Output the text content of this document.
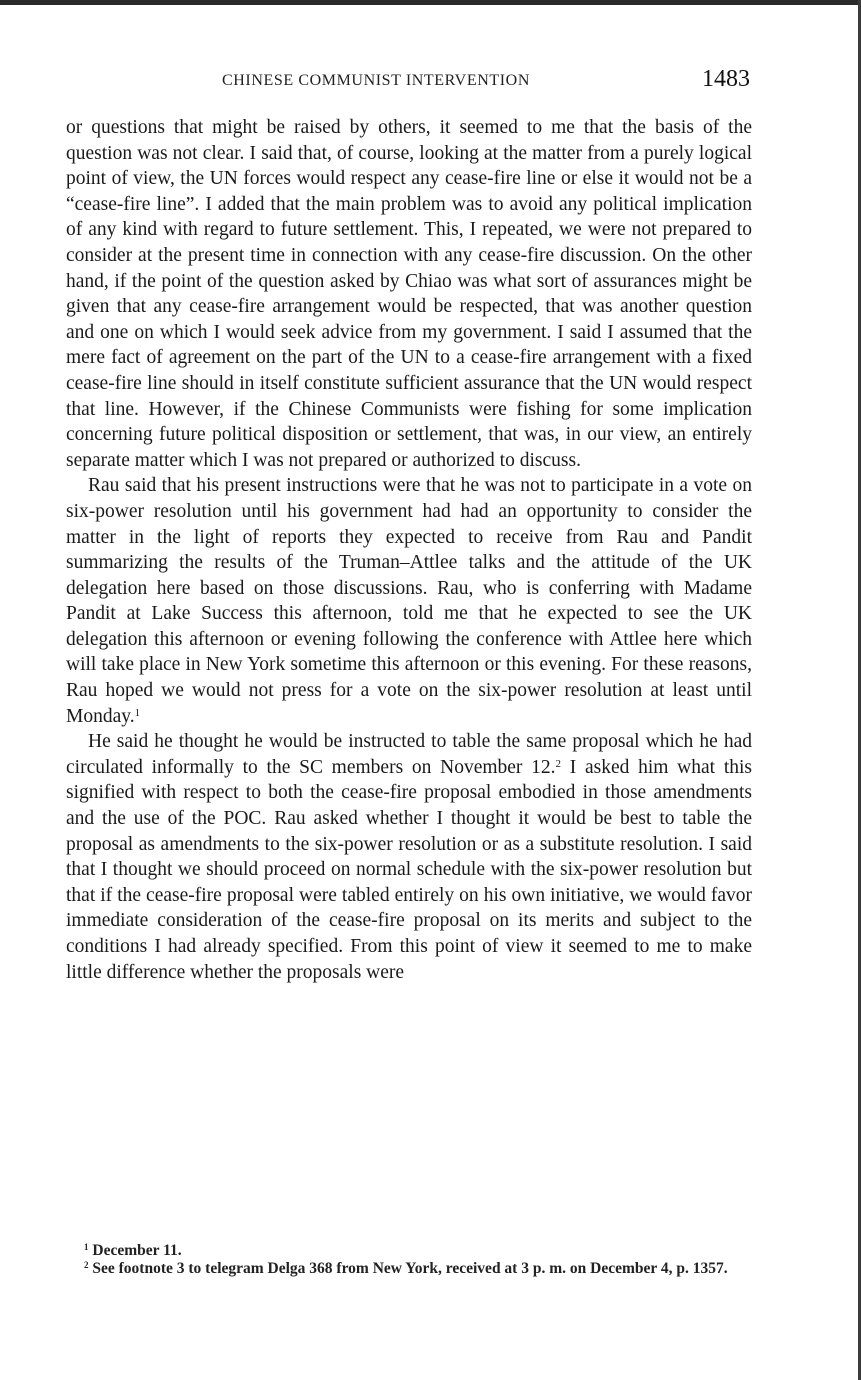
CHINESE COMMUNIST INTERVENTION	1483

or questions that might be raised by others, it seemed to me that the basis of the question was not clear. I said that, of course, looking at the matter from a purely logical point of view, the UN forces would respect any cease-fire line or else it would not be a “cease-fire line”. I added that the main problem was to avoid any political implication of any kind with regard to future settlement. This, I repeated, we were not prepared to consider at the present time in connection with any cease-fire discussion. On the other hand, if the point of the question asked by Chiao was what sort of assurances might be given that any cease-fire arrangement would be respected, that was another question and one on which I would seek advice from my government. I said I assumed that the mere fact of agreement on the part of the UN to a cease-fire arrangement with a fixed cease-fire line should in itself constitute sufficient assurance that the UN would respect that line. However, if the Chinese Communists were fishing for some implication concerning future political disposition or settlement, that was, in our view, an entirely separate matter which I was not prepared or authorized to discuss.

Rau said that his present instructions were that he was not to participate in a vote on six-power resolution until his government had had an opportunity to consider the matter in the light of reports they expected to receive from Rau and Pandit summarizing the results of the Truman–Attlee talks and the attitude of the UK delegation here based on those discussions. Rau, who is conferring with Madame Pandit at Lake Success this afternoon, told me that he expected to see the UK delegation this afternoon or evening following the conference with Attlee here which will take place in New York sometime this afternoon or this evening. For these reasons, Rau hoped we would not press for a vote on the six-power resolution at least until Monday.$^1$

He said he thought he would be instructed to table the same proposal which he had circulated informally to the SC members on November 12.$^2$ I asked him what this signified with respect to both the cease-fire proposal embodied in those amendments and the use of the POC. Rau asked whether I thought it would be best to table the proposal as amendments to the six-power resolution or as a substitute resolution. I said that I thought we should proceed on normal schedule with the six-power resolution but that if the cease-fire proposal were tabled entirely on his own initiative, we would favor immediate consideration of the cease-fire proposal on its merits and subject to the conditions I had already specified. From this point of view it seemed to me to make little difference whether the proposals were

$^1$ December 11.

$^2$ See footnote 3 to telegram Delga 368 from New York, received at 3 p. m. on December 4, p. 1357.
